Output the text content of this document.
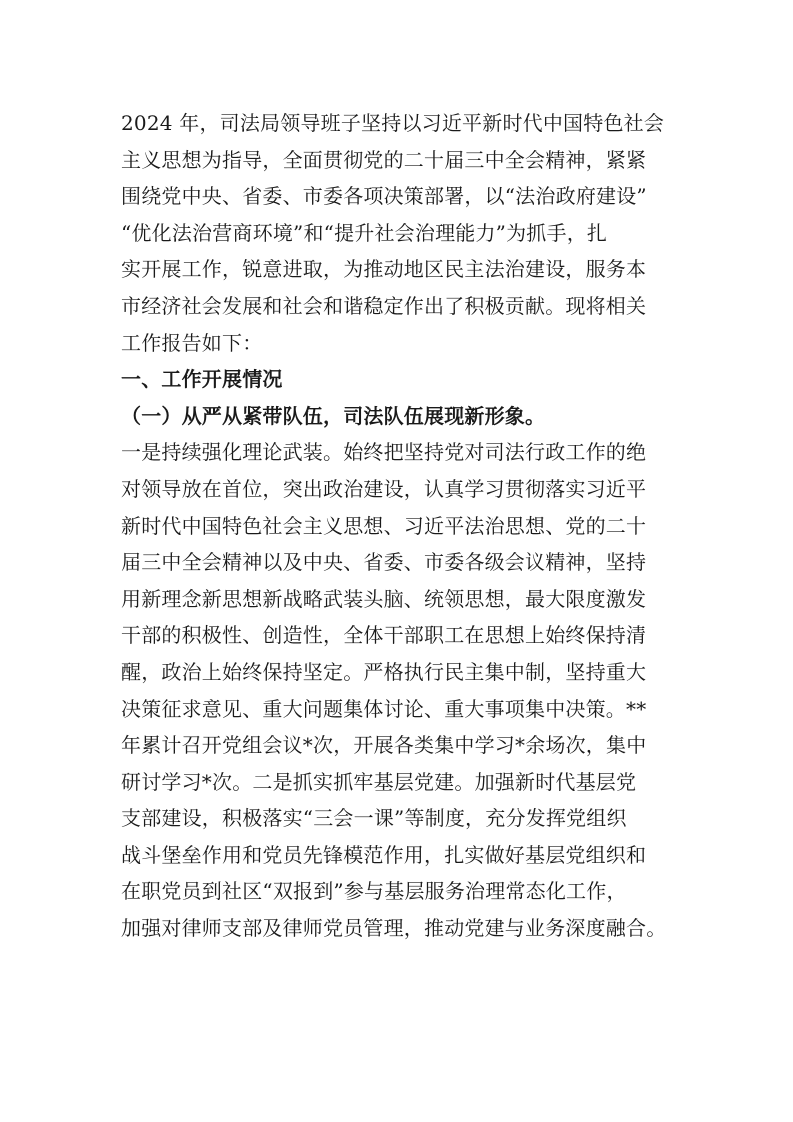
2024 年，司法局领导班子坚持以习近平新时代中国特色社会
主义思想为指导，全面贯彻党的二十届三中全会精神，紧紧
围绕党中央、省委、市委各项决策部署，以“法治政府建设”
“优化法治营商环境”和“提升社会治理能力”为抓手，扎
实开展工作，锐意进取，为推动地区民主法治建设，服务本
市经济社会发展和社会和谐稳定作出了积极贡献。现将相关
工作报告如下：
一、工作开展情况
（一）从严从紧带队伍，司法队伍展现新形象。
一是持续强化理论武装。始终把坚持党对司法行政工作的绝
对领导放在首位，突出政治建设，认真学习贯彻落实习近平
新时代中国特色社会主义思想、习近平法治思想、党的二十
届三中全会精神以及中央、省委、市委各级会议精神，坚持
用新理念新思想新战略武装头脑、统领思想，最大限度激发
干部的积极性、创造性，全体干部职工在思想上始终保持清
醒，政治上始终保持坚定。严格执行民主集中制，坚持重大
决策征求意见、重大问题集体讨论、重大事项集中决策。**
年累计召开党组会议*次，开展各类集中学习*余场次，集中
研讨学习*次。二是抓实抓牢基层党建。加强新时代基层党
支部建设，积极落实“三会一课”等制度，充分发挥党组织
战斗堡垒作用和党员先锋模范作用，扎实做好基层党组织和
在职党员到社区“双报到”参与基层服务治理常态化工作，
加强对律师支部及律师党员管理，推动党建与业务深度融合。
